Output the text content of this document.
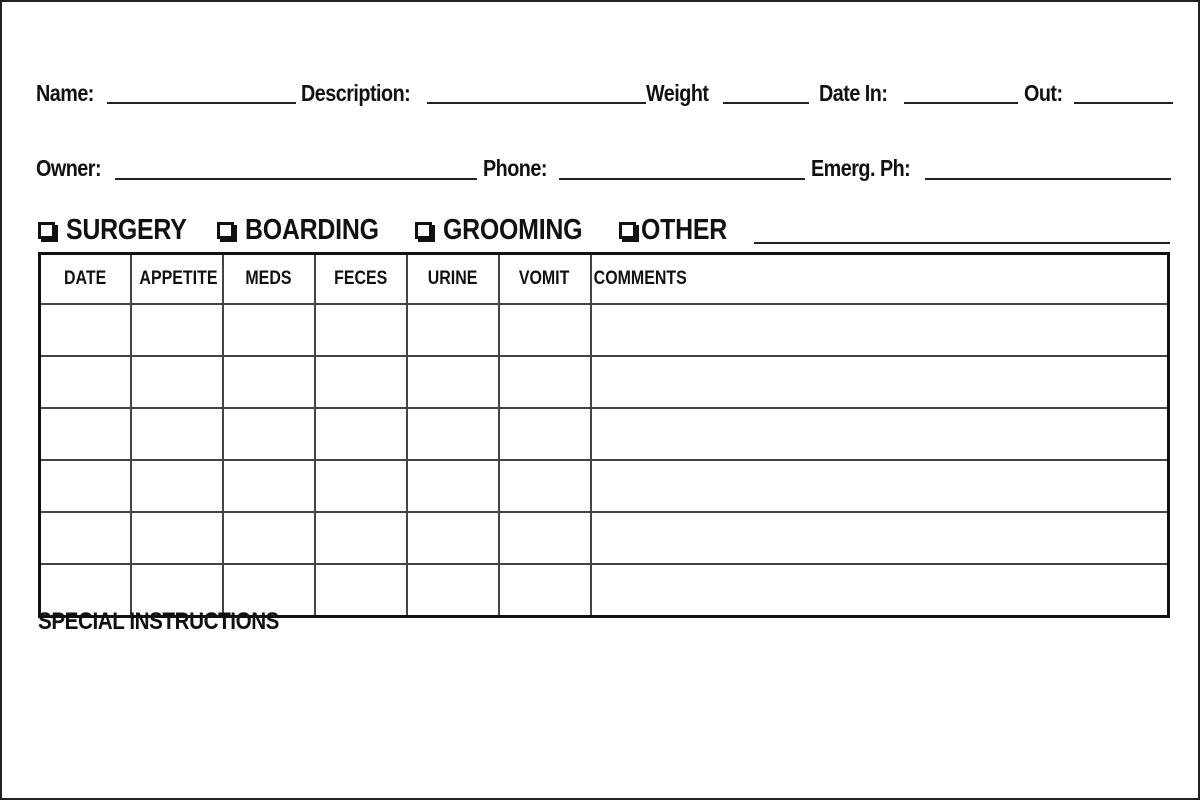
Name:	Description:	Weight	Date In:	Out:
Owner:	Phone:	Emerg. Ph:
SURGERY BOARDING GROOMING OTHER
DATE	APPETITE	MEDS	FECES	URINE	VOMIT	COMMENTS

SPECIAL INSTRUCTIONS
